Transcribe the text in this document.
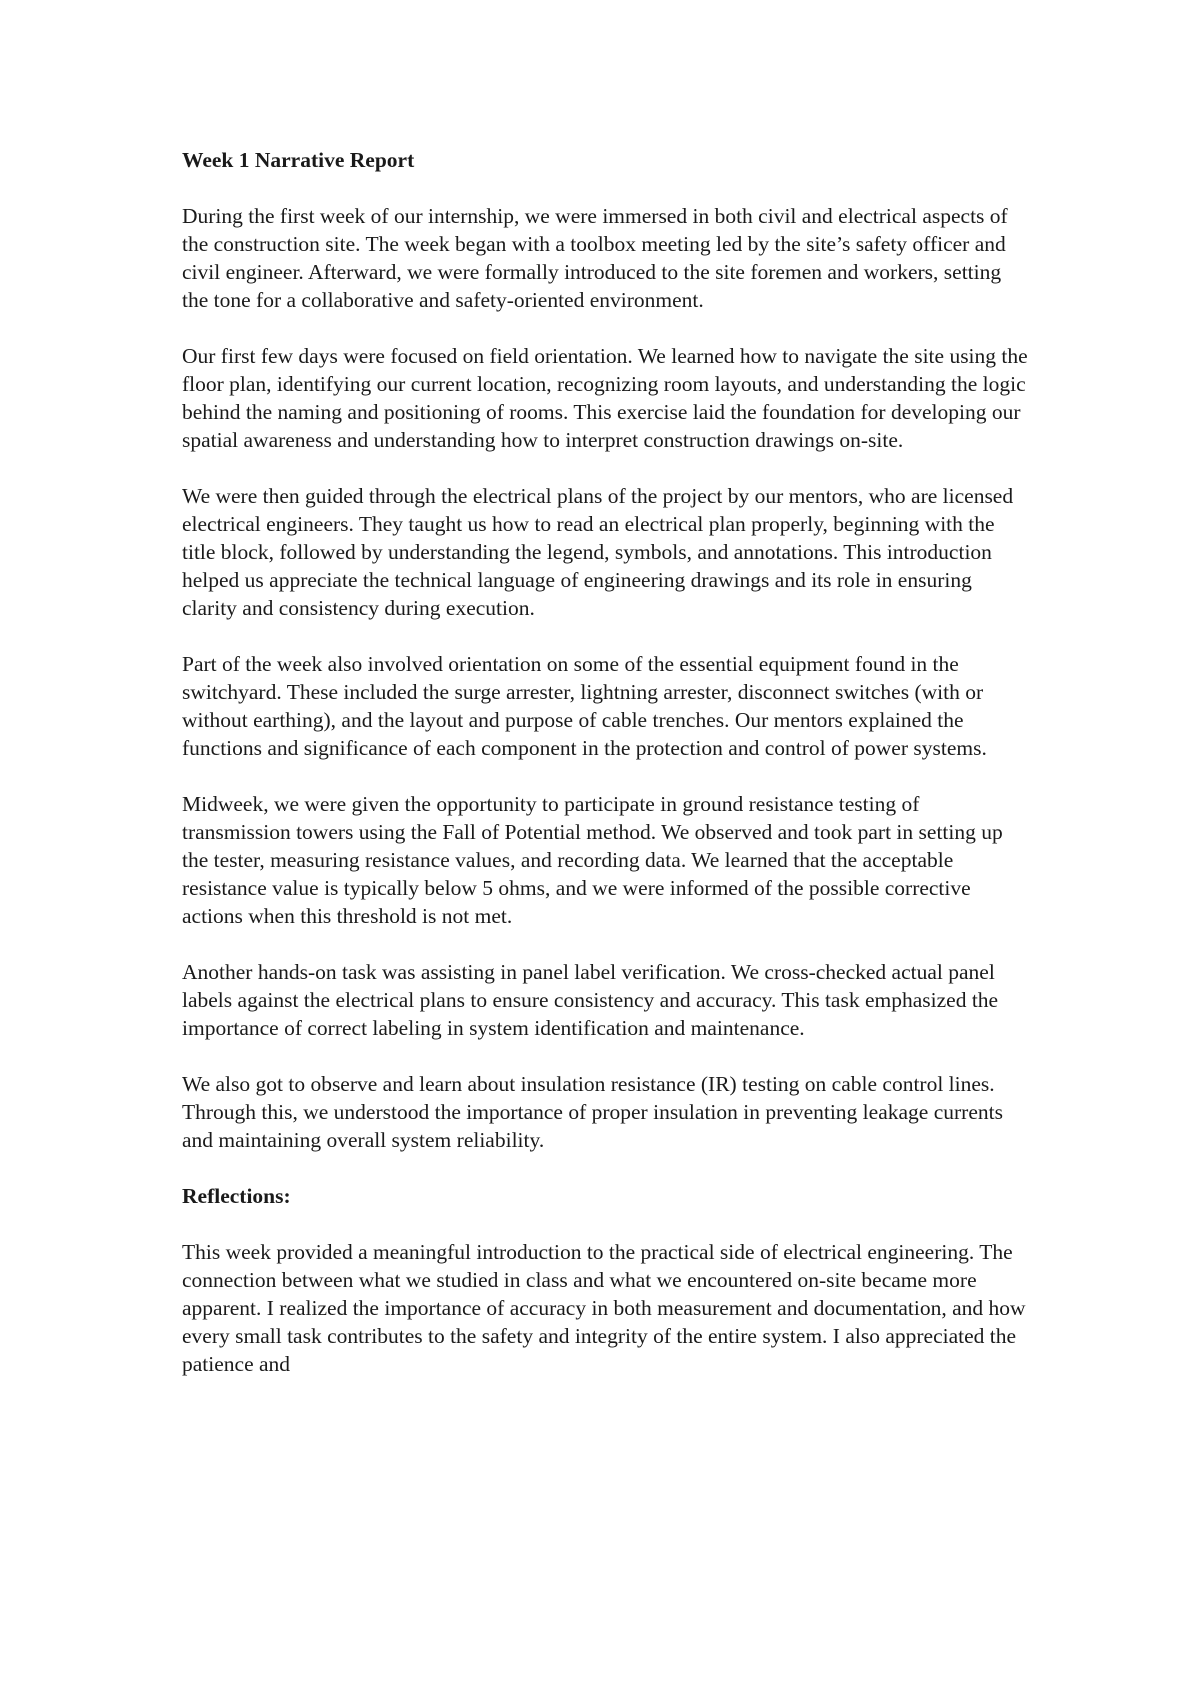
Week 1 Narrative Report

During the first week of our internship, we were immersed in both civil and electrical aspects of the construction site. The week began with a toolbox meeting led by the site’s safety officer and civil engineer. Afterward, we were formally introduced to the site foremen and workers, setting the tone for a collaborative and safety-oriented environment.

Our first few days were focused on field orientation. We learned how to navigate the site using the floor plan, identifying our current location, recognizing room layouts, and understanding the logic behind the naming and positioning of rooms. This exercise laid the foundation for developing our spatial awareness and understanding how to interpret construction drawings on-site.

We were then guided through the electrical plans of the project by our mentors, who are licensed electrical engineers. They taught us how to read an electrical plan properly, beginning with the title block, followed by understanding the legend, symbols, and annotations. This introduction helped us appreciate the technical language of engineering drawings and its role in ensuring clarity and consistency during execution.

Part of the week also involved orientation on some of the essential equipment found in the switchyard. These included the surge arrester, lightning arrester, disconnect switches (with or without earthing), and the layout and purpose of cable trenches. Our mentors explained the functions and significance of each component in the protection and control of power systems.

Midweek, we were given the opportunity to participate in ground resistance testing of transmission towers using the Fall of Potential method. We observed and took part in setting up the tester, measuring resistance values, and recording data. We learned that the acceptable resistance value is typically below 5 ohms, and we were informed of the possible corrective actions when this threshold is not met.

Another hands-on task was assisting in panel label verification. We cross-checked actual panel labels against the electrical plans to ensure consistency and accuracy. This task emphasized the importance of correct labeling in system identification and maintenance.

We also got to observe and learn about insulation resistance (IR) testing on cable control lines. Through this, we understood the importance of proper insulation in preventing leakage currents and maintaining overall system reliability.

Reflections:

This week provided a meaningful introduction to the practical side of electrical engineering. The connection between what we studied in class and what we encountered on-site became more apparent. I realized the importance of accuracy in both measurement and documentation, and how every small task contributes to the safety and integrity of the entire system. I also appreciated the patience and
